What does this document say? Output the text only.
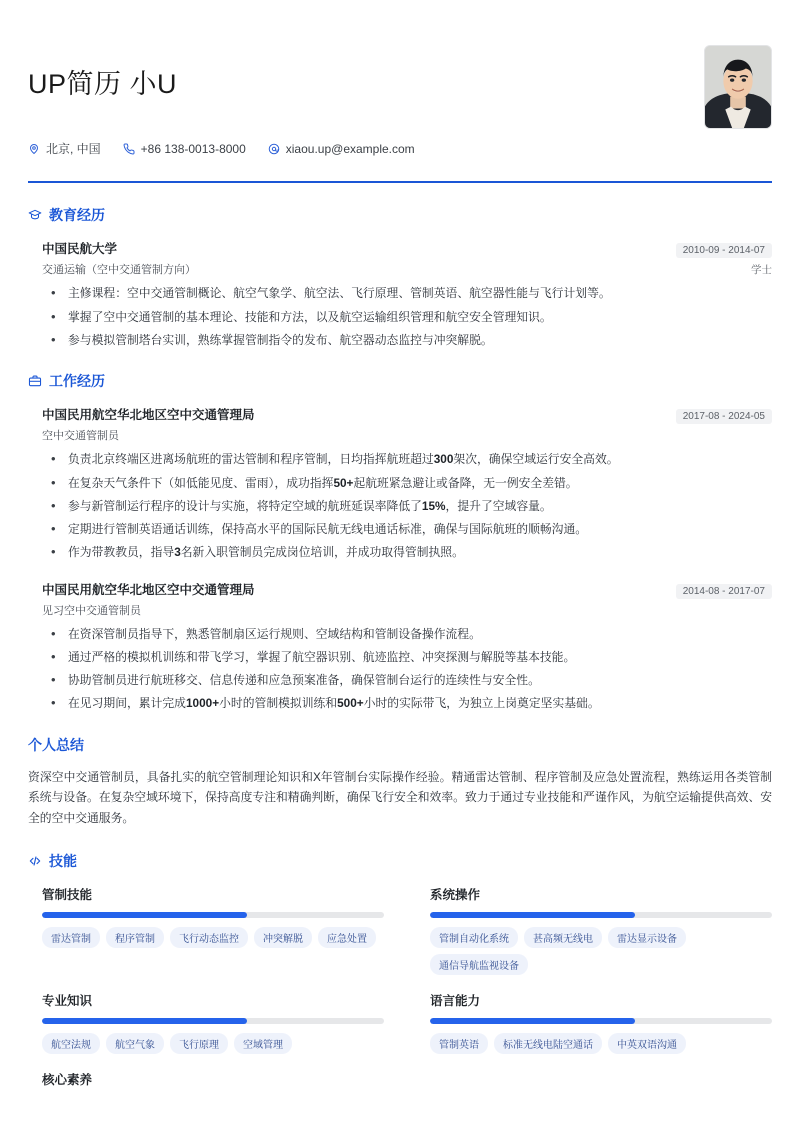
UP简历 小U
北京, 中国	+86 138-0013-8000	xiaou.up@example.com
教育经历
中国民航大学	2010-09 - 2014-07
交通运输（空中交通管制方向）	学士
• 主修课程：空中交通管制概论、航空气象学、航空法、飞行原理、管制英语、航空器性能与飞行计划等。
• 掌握了空中交通管制的基本理论、技能和方法，以及航空运输组织管理和航空安全管理知识。
• 参与模拟管制塔台实训，熟练掌握管制指令的发布、航空器动态监控与冲突解脱。
工作经历
中国民用航空华北地区空中交通管理局	2017-08 - 2024-05
空中交通管制员
• 负责北京终端区进离场航班的雷达管制和程序管制，日均指挥航班超过300架次，确保空域运行安全高效。
• 在复杂天气条件下（如低能见度、雷雨），成功指挥50+起航班紧急避让或备降，无一例安全差错。
• 参与新管制运行程序的设计与实施，将特定空域的航班延误率降低了15%，提升了空域容量。
• 定期进行管制英语通话训练，保持高水平的国际民航无线电通话标准，确保与国际航班的顺畅沟通。
• 作为带教教员，指导3名新入职管制员完成岗位培训，并成功取得管制执照。
中国民用航空华北地区空中交通管理局	2014-08 - 2017-07
见习空中交通管制员
• 在资深管制员指导下，熟悉管制扇区运行规则、空域结构和管制设备操作流程。
• 通过严格的模拟机训练和带飞学习，掌握了航空器识别、航迹监控、冲突探测与解脱等基本技能。
• 协助管制员进行航班移交、信息传递和应急预案准备，确保管制台运行的连续性与安全性。
• 在见习期间，累计完成1000+小时的管制模拟训练和500+小时的实际带飞，为独立上岗奠定坚实基础。
个人总结
资深空中交通管制员，具备扎实的航空管制理论知识和X年管制台实际操作经验。精通雷达管制、程序管制及应急处置流程，熟练运用各类管制系统与设备。在复杂空域环境下，保持高度专注和精确判断，确保飞行安全和效率。致力于通过专业技能和严谨作风，为航空运输提供高效、安全的空中交通服务。
技能
管制技能
雷达管制	程序管制	飞行动态监控	冲突解脱	应急处置
系统操作
管制自动化系统	甚高频无线电	雷达显示设备
通信导航监视设备
专业知识
航空法规	航空气象	飞行原理	空域管理
语言能力
管制英语	标准无线电陆空通话	中英双语沟通
核心素养
